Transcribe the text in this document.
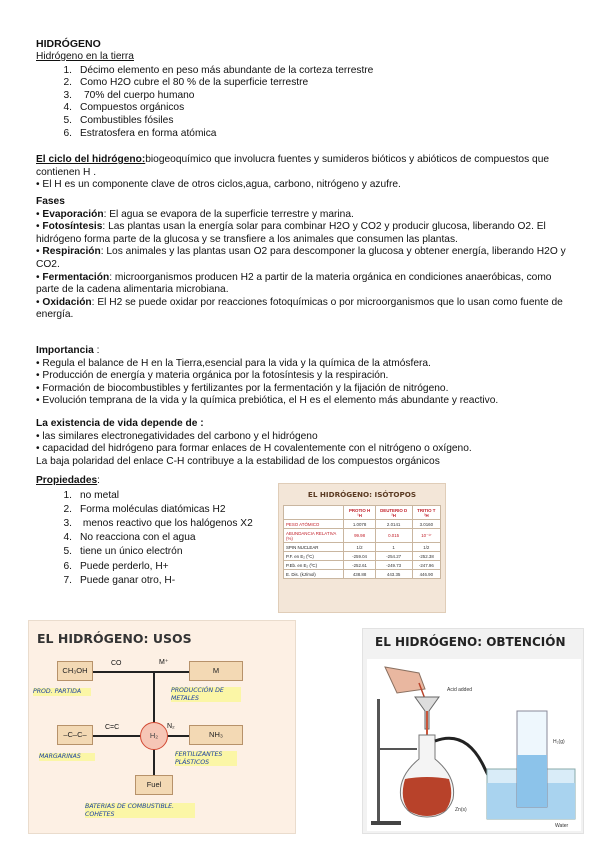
HIDRÓGENO

Hidrógeno en la tierra

1. Décimo elemento en peso más abundante de la corteza terrestre
2. Como H2O cubre el 80 % de la superficie terrestre
3. 70% del cuerpo humano
4. Compuestos orgánicos
5. Combustibles fósiles
6. Estratosfera en forma atómica

El ciclo del hidrógeno:biogeoquímico que involucra fuentes y sumideros bióticos y abióticos de compuestos que contienen H .

• El H es un componente clave de otros ciclos,agua, carbono, nitrógeno y azufre.

Fases

• Evaporación: El agua se evapora de la superficie terrestre y marina.

• Fotosíntesis: Las plantas usan la energía solar para combinar H2O y CO2 y producir glucosa, liberando O2. El hidrógeno forma parte de la glucosa y se transfiere a los animales que consumen las plantas.

• Respiración: Los animales y las plantas usan O2 para descomponer la glucosa y obtener energía, liberando H2O y CO2.

• Fermentación: microorganismos producen H2 a partir de la materia orgánica en condiciones anaeróbicas, como parte de la cadena alimentaria microbiana.

• Oxidación: El H2 se puede oxidar por reacciones fotoquímicas o por microorganismos que lo usan como fuente de energía.

Importancia :

• Regula el balance de H en la Tierra,esencial para la vida y la química de la atmósfera.

• Producción de energía y materia orgánica por la fotosíntesis y la respiración.

• Formación de biocombustibles y fertilizantes por la fermentación y la fijación de nitrógeno.

• Evolución temprana de la vida y la química prebiótica, el H es el elemento más abundante y reactivo.

La existencia de vida depende de :

• las similares electronegatividades del carbono y el hidrógeno

• capacidad del hidrógeno para formar enlaces de H covalentemente con el nitrógeno o oxígeno.

La baja polaridad del enlace C-H contribuye a la estabilidad de los compuestos orgánicos

Propiedades:

1. no metal
2. Forma moléculas diatómicas H2
3. menos reactivo que los halógenos X2
4. No reacciona con el agua
5. tiene un único electrón
6. Puede perderlo, H+
7. Puede ganar otro, H-
EL HIDRÓGENO: ISÓTOPOS
	PROTIO H ¹H	DEUTERIO D ²H	TRITIO T ³H
PESO ATÓMICO	1.0078	2.0141	3.0160
ABUNDANCIA RELATIVA (%)	99.98	0.015	10⁻¹⁷
SPIN NUCLEAR	1/2	1	1/2
P.F. en E₂ (ºC)	-259.04	-254.27	-252.38
P.Eb. en E₂ (ºC)	-252.61	-249.73	-247.96
E. Dis. (kJ/mol)	438.88	443.35	446.90
EL HIDRÓGENO: USOS
CH₃OH
CO	M⁺
M
PROD. PARTIDA	PRODUCCIÓN DE METALES
–C–C–
C=C
H₂
N₂
NH₃
MARGARINAS	FERTILIZANTES PLÁSTICOS
Fuel
BATERIAS DE COMBUSTIBLE. COHETES
EL HIDRÓGENO: OBTENCIÓN
Acid added
H₂(g)
Zn(s)
Water
